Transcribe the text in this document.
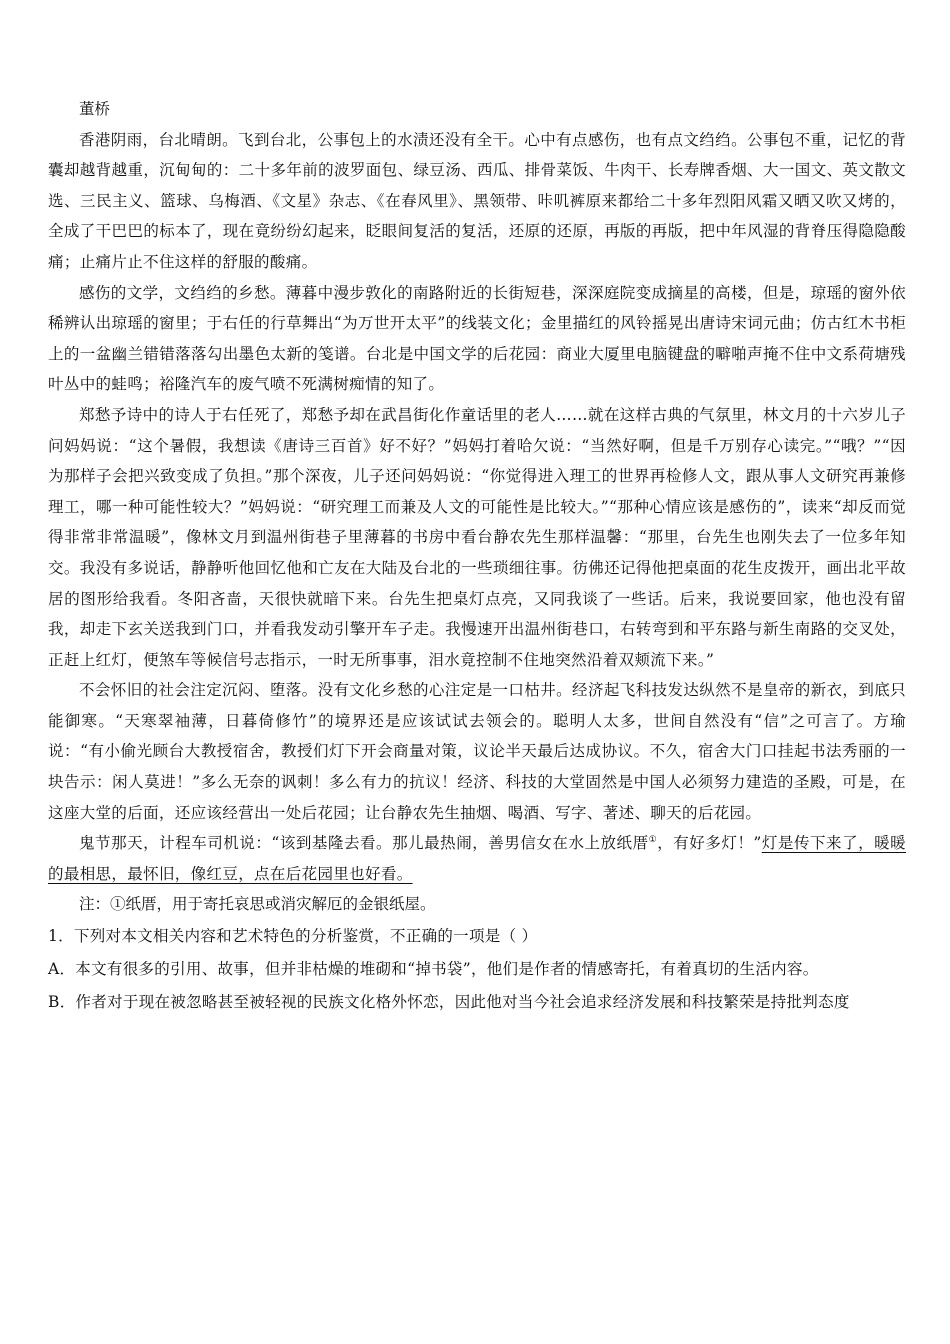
董桥

香港阴雨，台北晴朗。飞到台北，公事包上的水渍还没有全干。心中有点感伤，也有点文绉绉。公事包不重，记忆的背囊却越背越重，沉甸甸的：二十多年前的波罗面包、绿豆汤、西瓜、排骨菜饭、牛肉干、长寿牌香烟、大一国文、英文散文选、三民主义、篮球、乌梅酒、《文星》杂志、《在春风里》、黑领带、咔叽裤原来都给二十多年烈阳风霜又晒又吹又烤的，全成了干巴巴的标本了，现在竟纷纷幻起来，眨眼间复活的复活，还原的还原，再版的再版，把中年风湿的背脊压得隐隐酸痛；止痛片止不住这样的舒服的酸痛。

感伤的文学，文绉绉的乡愁。薄暮中漫步敦化的南路附近的长街短巷，深深庭院变成摘星的高楼，但是，琼瑶的窗外依稀辨认出琼瑶的窗里；于右任的行草舞出“为万世开太平”的线装文化；金里描红的风铃摇晃出唐诗宋词元曲；仿古红木书柜上的一盆幽兰错错落落勾出墨色太新的笺谱。台北是中国文学的后花园：商业大厦里电脑键盘的噼啪声掩不住中文系荷塘残叶丛中的蛙鸣；裕隆汽车的废气喷不死满树痴情的知了。

郑愁予诗中的诗人于右任死了，郑愁予却在武昌街化作童话里的老人……就在这样古典的气氛里，林文月的十六岁儿子问妈妈说：“这个暑假，我想读《唐诗三百首》好不好？”妈妈打着哈欠说：“当然好啊，但是千万别存心读完。”“哦？”“因为那样子会把兴致变成了负担。”那个深夜，儿子还问妈妈说：“你觉得进入理工的世界再检修人文，跟从事人文研究再兼修理工，哪一种可能性较大？”妈妈说：“研究理工而兼及人文的可能性是比较大。”“那种心情应该是感伤的”，读来“却反而觉得非常非常温暖”，像林文月到温州街巷子里薄暮的书房中看台静农先生那样温馨：“那里，台先生也刚失去了一位多年知交。我没有多说话，静静听他回忆他和亡友在大陆及台北的一些琐细往事。彷佛还记得他把桌面的花生皮拨开，画出北平故居的图形给我看。冬阳吝啬，天很快就暗下来。台先生把桌灯点亮，又同我谈了一些话。后来，我说要回家，他也没有留我，却走下玄关送我到门口，并看我发动引擎开车子走。我慢速开出温州街巷口，右转弯到和平东路与新生南路的交叉处，正赶上红灯，便煞车等候信号志指示，一时无所事事，泪水竟控制不住地突然沿着双颊流下来。”

不会怀旧的社会注定沉闷、堕落。没有文化乡愁的心注定是一口枯井。经济起飞科技发达纵然不是皇帝的新衣，到底只能御寒。“天寒翠袖薄，日暮倚修竹”的境界还是应该试试去领会的。聪明人太多，世间自然没有“信”之可言了。方瑜说：“有小偷光顾台大教授宿舍，教授们灯下开会商量对策，议论半天最后达成协议。不久，宿舍大门口挂起书法秀丽的一块告示：闲人莫进！”多么无奈的讽刺！多么有力的抗议！经济、科技的大堂固然是中国人必须努力建造的圣殿，可是，在这座大堂的后面，还应该经营出一处后花园；让台静农先生抽烟、喝酒、写字、著述、聊天的后花园。

鬼节那天，计程车司机说：“该到基隆去看。那儿最热闹，善男信女在水上放纸厝①，有好多灯！”灯是传下来了，暖暖的最相思，最怀旧，像红豆，点在后花园里也好看。

注：①纸厝，用于寄托哀思或消灾解厄的金银纸屋。

1．下列对本文相关内容和艺术特色的分析鉴赏，不正确的一项是（ ）

A．本文有很多的引用、故事，但并非枯燥的堆砌和“掉书袋”，他们是作者的情感寄托，有着真切的生活内容。

B．作者对于现在被忽略甚至被轻视的民族文化格外怀恋，因此他对当今社会追求经济发展和科技繁荣是持批判态度
